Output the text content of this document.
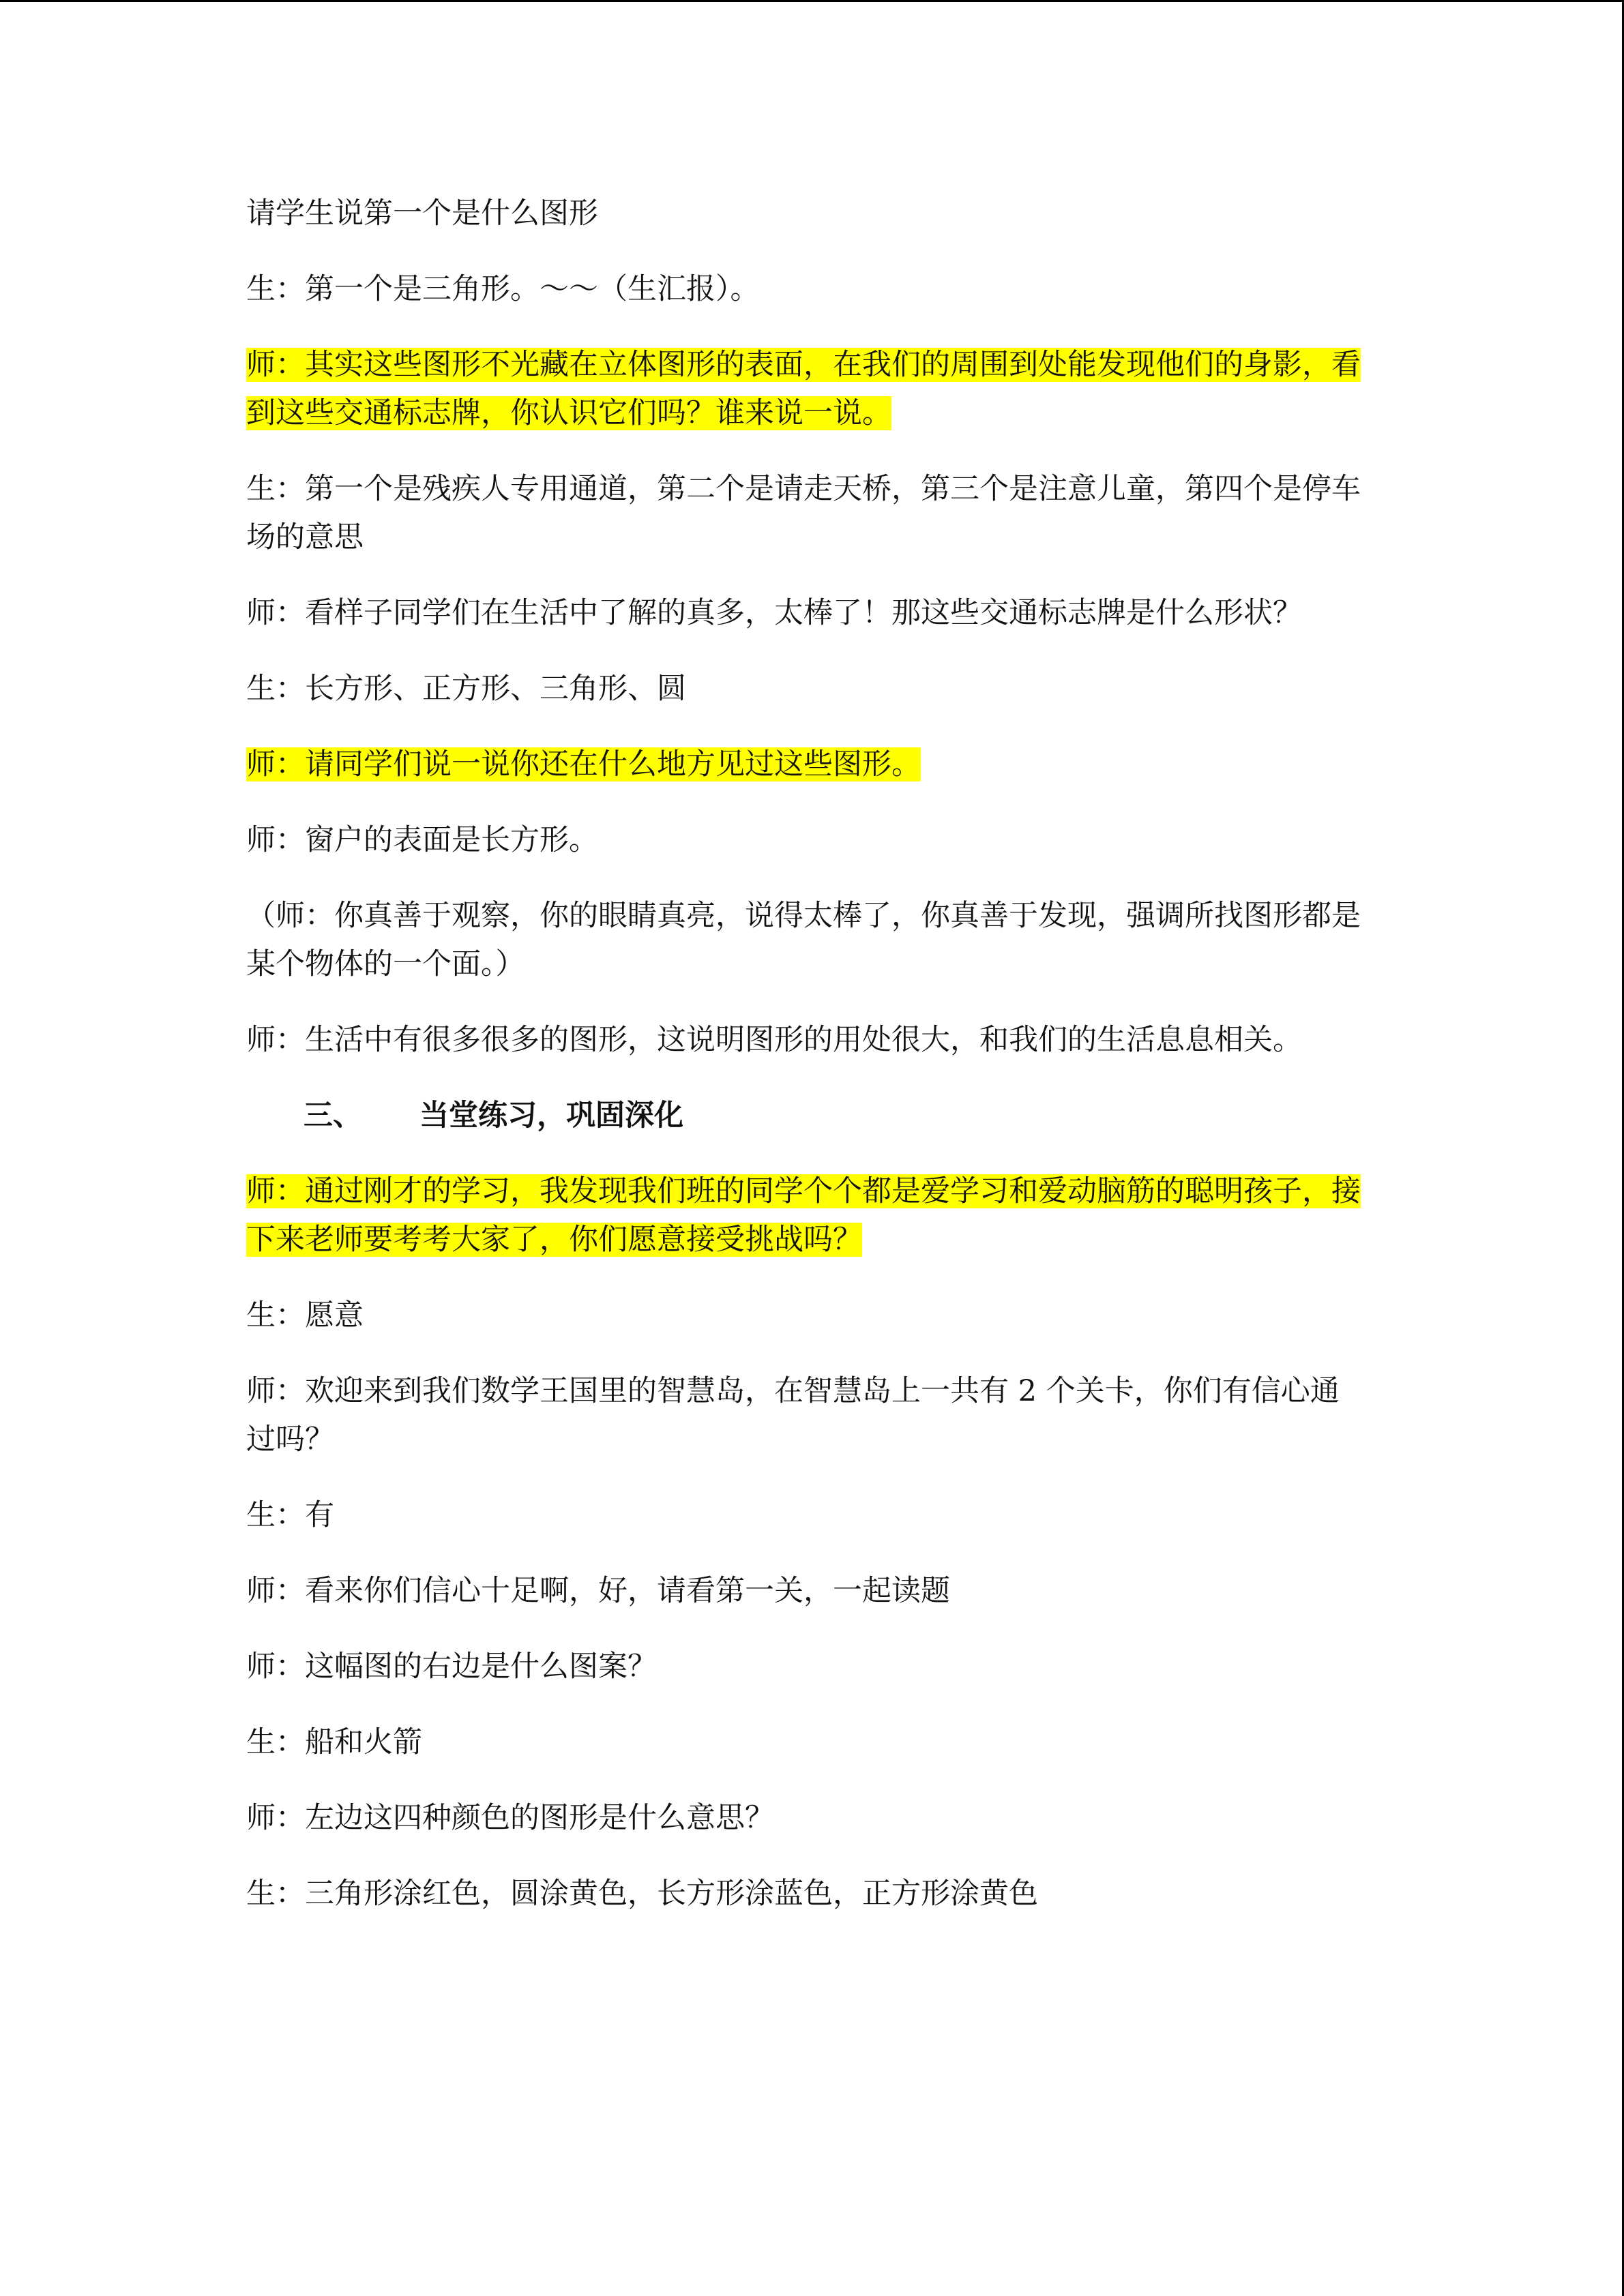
请学生说第一个是什么图形

生：第一个是三角形。～～（生汇报）。

师：其实这些图形不光藏在立体图形的表面，在我们的周围到处能发现他们的身影，看到这些交通标志牌，你认识它们吗？谁来说一说。

生：第一个是残疾人专用通道，第二个是请走天桥，第三个是注意儿童，第四个是停车场的意思

师：看样子同学们在生活中了解的真多，太棒了！那这些交通标志牌是什么形状？

生：长方形、正方形、三角形、圆

师：请同学们说一说你还在什么地方见过这些图形。

师：窗户的表面是长方形。

（师：你真善于观察，你的眼睛真亮，说得太棒了，你真善于发现，强调所找图形都是某个物体的一个面。）

师：生活中有很多很多的图形，这说明图形的用处很大，和我们的生活息息相关。

三、	当堂练习，巩固深化

师：通过刚才的学习，我发现我们班的同学个个都是爱学习和爱动脑筋的聪明孩子，接下来老师要考考大家了，你们愿意接受挑战吗？

生：愿意

师：欢迎来到我们数学王国里的智慧岛，在智慧岛上一共有 2 个关卡，你们有信心通过吗？

生：有

师：看来你们信心十足啊，好，请看第一关，一起读题

师：这幅图的右边是什么图案？

生：船和火箭

师：左边这四种颜色的图形是什么意思？

生：三角形涂红色，圆涂黄色，长方形涂蓝色，正方形涂黄色
